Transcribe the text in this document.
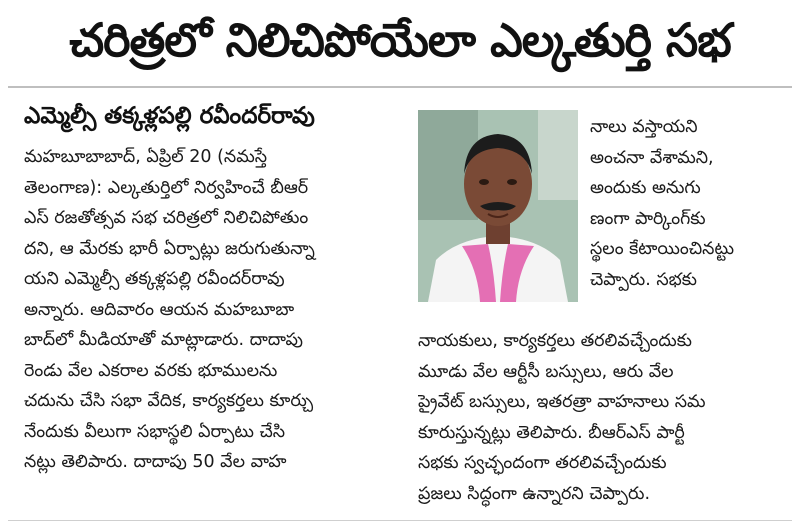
చరిత్రలో నిలిచిపోయేలా ఎల్కతుర్తి సభ
ఎమ్మెల్సీ తక్కళ్లపల్లి రవీందర్‌రావు
మహబూబాబాద్, ఏప్రిల్ 20 (నమస్తే
తెలంగాణ): ఎల్కతుర్తిలో నిర్వహించే బీఆర్
ఎస్ రజతోత్సవ సభ చరిత్రలో నిలిచిపోతుం
దని, ఆ మేరకు భారీ ఏర్పాట్లు జరుగుతున్నా
యని ఎమ్మెల్సీ తక్కళ్లపల్లి రవీందర్‌రావు
అన్నారు. ఆదివారం ఆయన మహబూబా
బాద్‌లో మీడియాతో మాట్లాడారు. దాదాపు
రెండు వేల ఎకరాల వరకు భూములను
చదును చేసి సభా వేదిక, కార్యకర్తలు కూర్చు
నేందుకు వీలుగా సభాస్థలి ఏర్పాటు చేసి
నట్లు తెలిపారు. దాదాపు 50 వేల వాహ
నాలు వస్తాయని
అంచనా వేశామని,
అందుకు అనుగు
ణంగా పార్కింగ్‌కు
స్థలం కేటాయించినట్టు
చెప్పారు. సభకు
నాయకులు, కార్యకర్తలు తరలివచ్చేందుకు
మూడు వేల ఆర్టీసీ బస్సులు, ఆరు వేల
ప్రైవేట్ బస్సులు, ఇతరత్రా వాహనాలు సమ
కూరుస్తున్నట్లు తెలిపారు. బీఆర్ఎస్ పార్టీ
సభకు స్వచ్ఛందంగా తరలివచ్చేందుకు
ప్రజలు సిద్ధంగా ఉన్నారని చెప్పారు.
